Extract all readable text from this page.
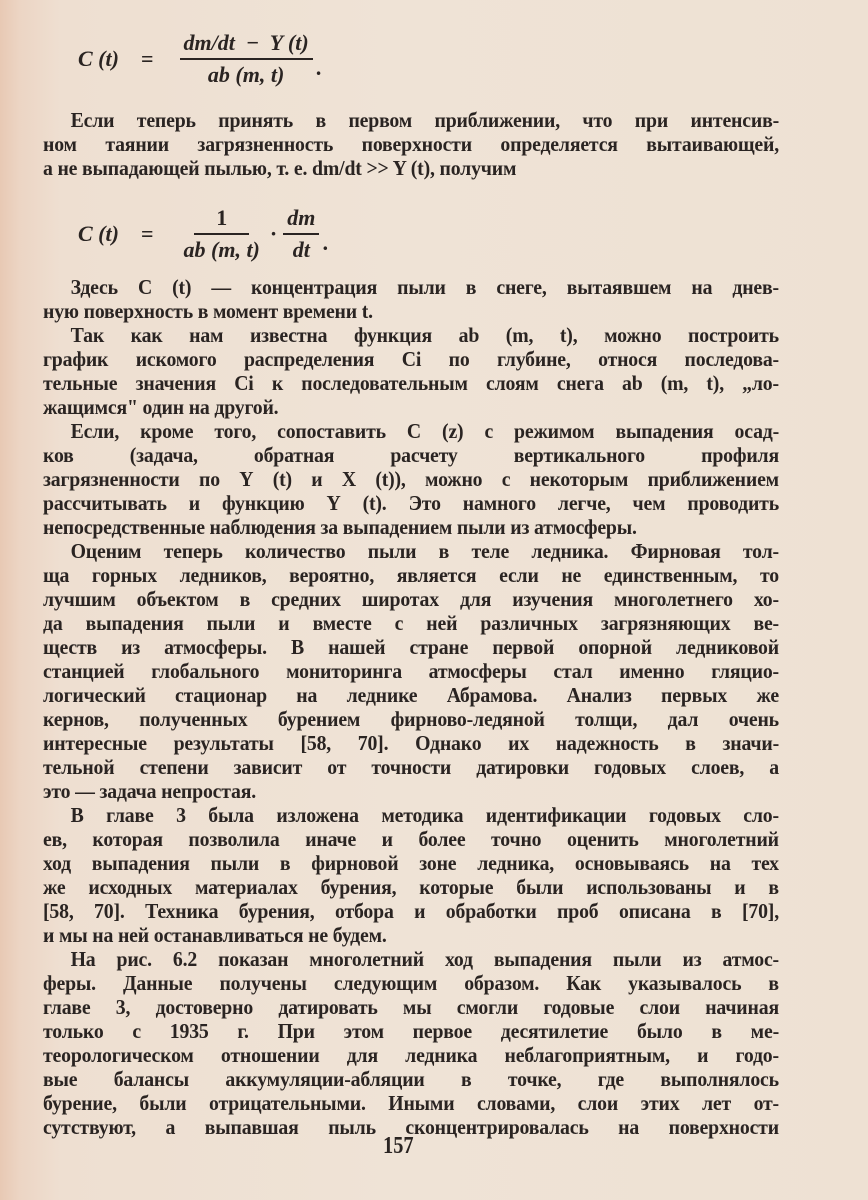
C $(t) = \frac{dm/dt - Y (t)}{ab (m, t)}$ .
Если теперь принять в первом приближении, что при интенсив-
ном таянии загрязненность поверхности определяется вытаивающей,
а не выпадающей пылью, т. е. dm/dt >> Y (t), получим
C $(t) = \frac{1}{ab (m, t)} \cdot \frac{dm}{dt}$ .
Здесь C (t) — концентрация пыли в снеге, вытаявшем на днев-
ную поверхность в момент времени t.
Так как нам известна функция ab (m, t), можно построить
график искомого распределения Ci по глубине, относя последова-
тельные значения Ci к последовательным слоям снега ab (m, t), „ло-
жащимся" один на другой.
Если, кроме того, сопоставить C (z) с режимом выпадения осад-
ков	(задача,	обратная	расчету	вертикального	профиля
загрязненности по Y (t) и X (t)), можно с некоторым приближением
рассчитывать и функцию Y (t). Это намного легче, чем проводить
непосредственные наблюдения за выпадением пыли из атмосферы.
Оценим теперь количество пыли в теле ледника. Фирновая тол-
ща горных ледников, вероятно, является если не единственным, то
лучшим объектом в средних широтах для изучения многолетнего хо-
да выпадения пыли и вместе с ней различных загрязняющих ве-
ществ из атмосферы. В нашей стране первой опорной ледниковой
станцией глобального мониторинга атмосферы стал именно гляцио-
логический стационар на леднике Абрамова. Анализ первых же
кернов, полученных бурением фирново-ледяной толщи, дал очень
интересные результаты [58, 70]. Однако их надежность в значи-
тельной степени зависит от точности датировки годовых слоев, а
это — задача непростая.
В главе 3 была изложена методика идентификации годовых сло-
ев, которая позволила иначе и более точно оценить многолетний
ход выпадения пыли в фирновой зоне ледника, основываясь на тех
же исходных материалах бурения, которые были использованы и в
[58, 70]. Техника бурения, отбора и обработки проб описана в [70],
и мы на ней останавливаться не будем.
На рис. 6.2 показан многолетний ход выпадения пыли из атмос-
феры. Данные получены следующим образом. Как указывалось в
главе 3, достоверно датировать мы смогли годовые слои начиная
только с 1935 г. При этом первое десятилетие было в ме-
теорологическом отношении для ледника неблагоприятным, и годо-
вые балансы аккумуляции-абляции в точке, где выполнялось
бурение, были отрицательными. Иными словами, слои этих лет от-
сутствуют, а выпавшая пыль сконцентрировалась на поверхности
157
